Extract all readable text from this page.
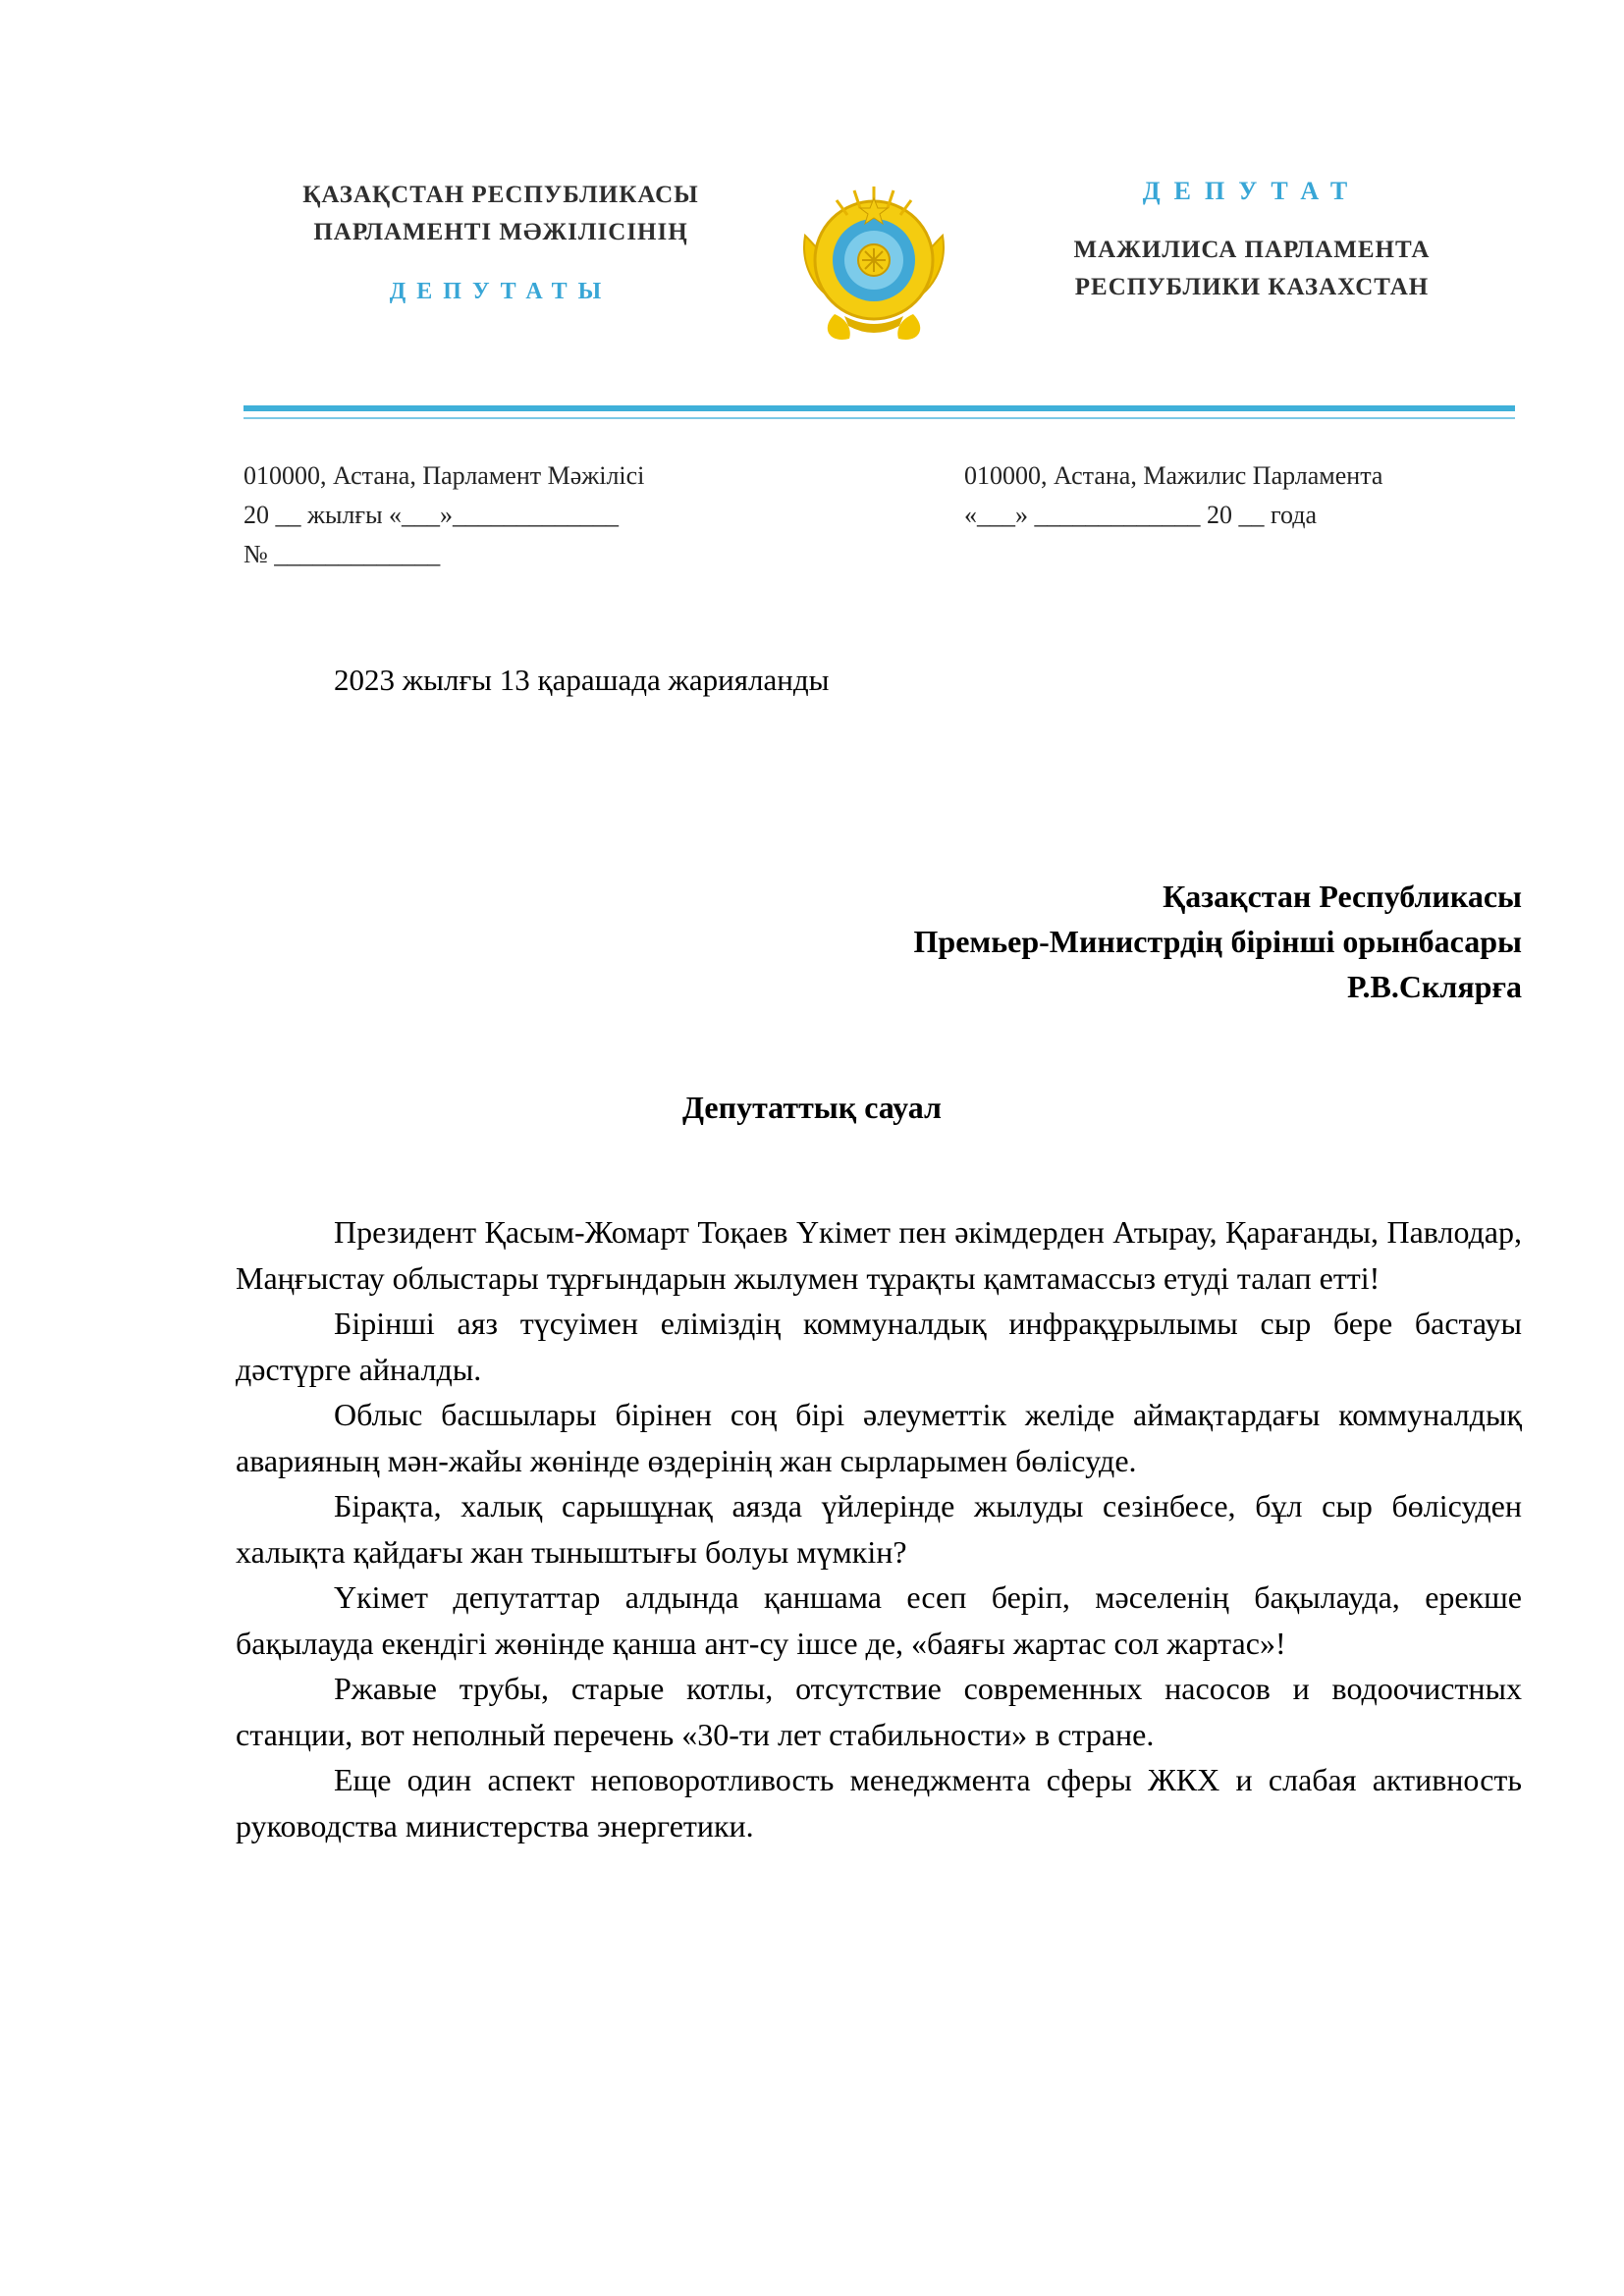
ҚАЗАҚСТАН РЕСПУБЛИКАСЫ
ПАРЛАМЕНТІ МӘЖІЛІСІНІҢ
ДЕПУТАТЫ
ДЕПУТАТ
МАЖИЛИСА ПАРЛАМЕНТА
РЕСПУБЛИКИ КАЗАХСТАН
010000, Астана, Парламент Мәжілісі
20 __ жылғы «___»_____________
№ _____________
010000, Астана, Мажилис Парламента
«___» _____________ 20 __ года
2023 жылғы 13 қарашада жарияланды
Қазақстан Республикасы
Премьер-Министрдің бірінші орынбасары
Р.В.Склярға
Депутаттық сауал

Президент Қасым-Жомарт Тоқаев Үкімет пен әкімдерден Атырау, Қарағанды, Павлодар, Маңғыстау облыстары тұрғындарын жылумен тұрақты қамтамассыз етуді талап етті!

Бірінші аяз түсуімен еліміздің коммуналдық инфрақұрылымы сыр бере бастауы дәстүрге айналды.

Облыс басшылары бірінен соң бірі әлеуметтік желіде аймақтардағы коммуналдық аварияның мән-жайы жөнінде өздерінің жан сырларымен бөлісуде.

Бірақта, халық сарышұнақ аязда үйлерінде жылуды сезінбесе, бұл сыр бөлісуден халықта қайдағы жан тыныштығы болуы мүмкін?

Үкімет депутаттар алдында қаншама есеп беріп, мәселенің бақылауда, ерекше бақылауда екендігі жөнінде қанша ант-су ішсе де, «баяғы жартас сол жартас»!

Ржавые трубы, старые котлы, отсутствие современных насосов и водоочистных станции, вот неполный перечень «30-ти лет стабильности» в стране.

Еще один аспект неповоротливость менеджмента сферы ЖКХ и слабая активность руководства министерства энергетики.
